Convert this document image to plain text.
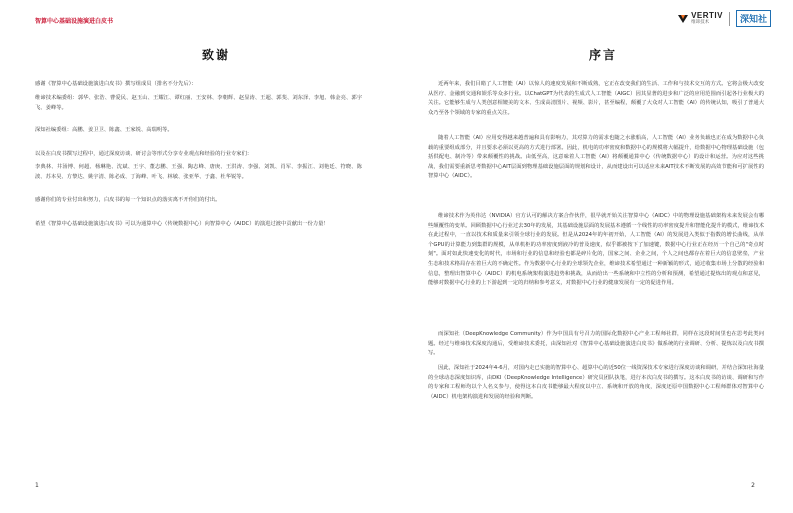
智算中心基础设施演进白皮书
VERTIV
维谛技术	深知社
致谢

感谢《智算中心基础设施演进白皮书》撰写组成员（排名不分先后）：

维谛技术编委组：郭华、张浩、曹爱民、赵玉山、王耀江、谭红丽、王安林、李朝辉、赵显涛、王超、郭斐、刘东泽、李旭、韩金亮、郭宇飞、姜峰等。

深知社编委组：高鹏、姜卫卫、陈鑫、王家锐、高瑞明等。

以及在白皮书撰写过程中，通过深度访谈、研讨会等形式分享专业观点和经验的行业专家们：

李典林、井汤博、何超、杨琳艳、沈斌、王宇、董志鹏、王强、陶志峰、唐庚、王洪涛、李强、刘凯、肖军、李振江、刘艳廷、符晓、陈波、苏本昊、方黎达、姚宇清、陈必成、丁海峰、叶飞、林敏、张亚华、于鑫、杜华锐等。

感谢你们的专业付出和努力，白皮书的每一个知识点的落实离不开你们的付出。

希望《智算中心基础设施演进白皮书》可以为通算中心（传统数据中心）向智算中心（AIDC）的演进过渡中贡献出一份力量！

1
序言

近两年来，我们目睹了人工智能（AI）以惊人的速度发展和不断成熟，它正在改变我们的生活、工作和与技术交互的方式。它将会极大改变从医疗、金融到交通和娱乐等众多行业。以ChatGPT为代表的生成式人工智能（AIGC）因其显著的进步和广泛的应用范围而引起各行业极大的关注。它能够生成与人类创意相媲美的文本、生成高清图片、视频、影片，甚至编程，颠覆了大众对人工智能（AI）的传统认知，吸引了普通大众乃至各个领域的专家的重点关注。

随着人工智能（AI）应用变得越来越普遍和具有影响力，其对算力的需求也随之水涨船高，人工智能（AI）业务负载也正在成为数据中心负载的重要组成部分，并且要求必须以更高的方式进行部署。因此，机电的功率密度和数据中心的规模将大幅提升，给数据中心物理基础设施（包括供配电、制冷等）带来颠覆性的挑战。由低至高，这意味着人工智能（AI）将颠覆通算中心（传统数据中心）的设计和运营。为应对这些挑战，我们需要重新思考数据中心AIT层面到物理基础设施层面的规划和设计，从而建设出可以适应未来AIT技术不断发展的高效节能和可扩展性的智算中心（AIDC）。

维谛技术作为英伟达（NVIDIA）官方认可的解决方案合作伙伴，很早就开始关注智算中心（AIDC）中的物理设施基础架构未来发展会有哪些颠覆性的变革。回顾数据中心行业过去30年的发展，其基础设施层面的发展基本遵循一个线性的功率密度提升和智能化提升的模式，维谛技术在此过程中，一直以技术和质量来引领全球行业的发展。但是从2024年的年初开始，人工智能（AI）的发展进入类似于指数的增长曲线，从单个GPU的计算能力到集群的规模，从单机柜的功率密度到液冷的普及速度，似乎都被按下了加速键，数据中心行业正在经历一个自己的"奇点时刻"。面对如此快速变化的时代，市场和行业的信息和经验也都是碎片化的，国家之间、企业之间，个人之间也都存在着巨大的信息壁垒，产业生态和技术格局存在着巨大的不确定性。作为数据中心行业的全球领先企业，维谛技术希望通过一种新颖的形式，通过收集市场上分散的经验和信息，整理出智算中心（AIDC）的机电系统架构演进趋势和挑战，从而给出一些系统和中立性的分析和预测，希望通过提炼出的观点和意见，能够对数据中心行业的上下游起到一定的归纳和参考意义，对数据中心行业的健康发展有一定的促进作用。

而深知社（DeepKnowledge Community）作为中国具有号召力的国际化数据中心产业工程师社群，同样在这段时间里也在思考此类问题。经过与维谛技术深度沟通后，受维谛技术委托，由深知社对《智算中心基础设施演进白皮书》做系统的行业调研、分析、提炼以及白皮书撰写。

因此，深知社于2024年4-6月，对国内走已实施的智算中心、超算中心的近50位一线资深技术专家进行深度访谈和调研，并结合深知社海量的全球动态深度知识库，由DKI（DeepKnowledge Intelligence）研究员团队执笔，进行本次白皮书的撰写。这本白皮书的访谈、调研和写作的专家和工程师均以个人名义参与，使得这本白皮书能够最大程度以中立、系统和开放的角度，深度还原中国数据中心工程师群体对智算中心（AIDC）机电架构演进和发展的经验和判断。

2
